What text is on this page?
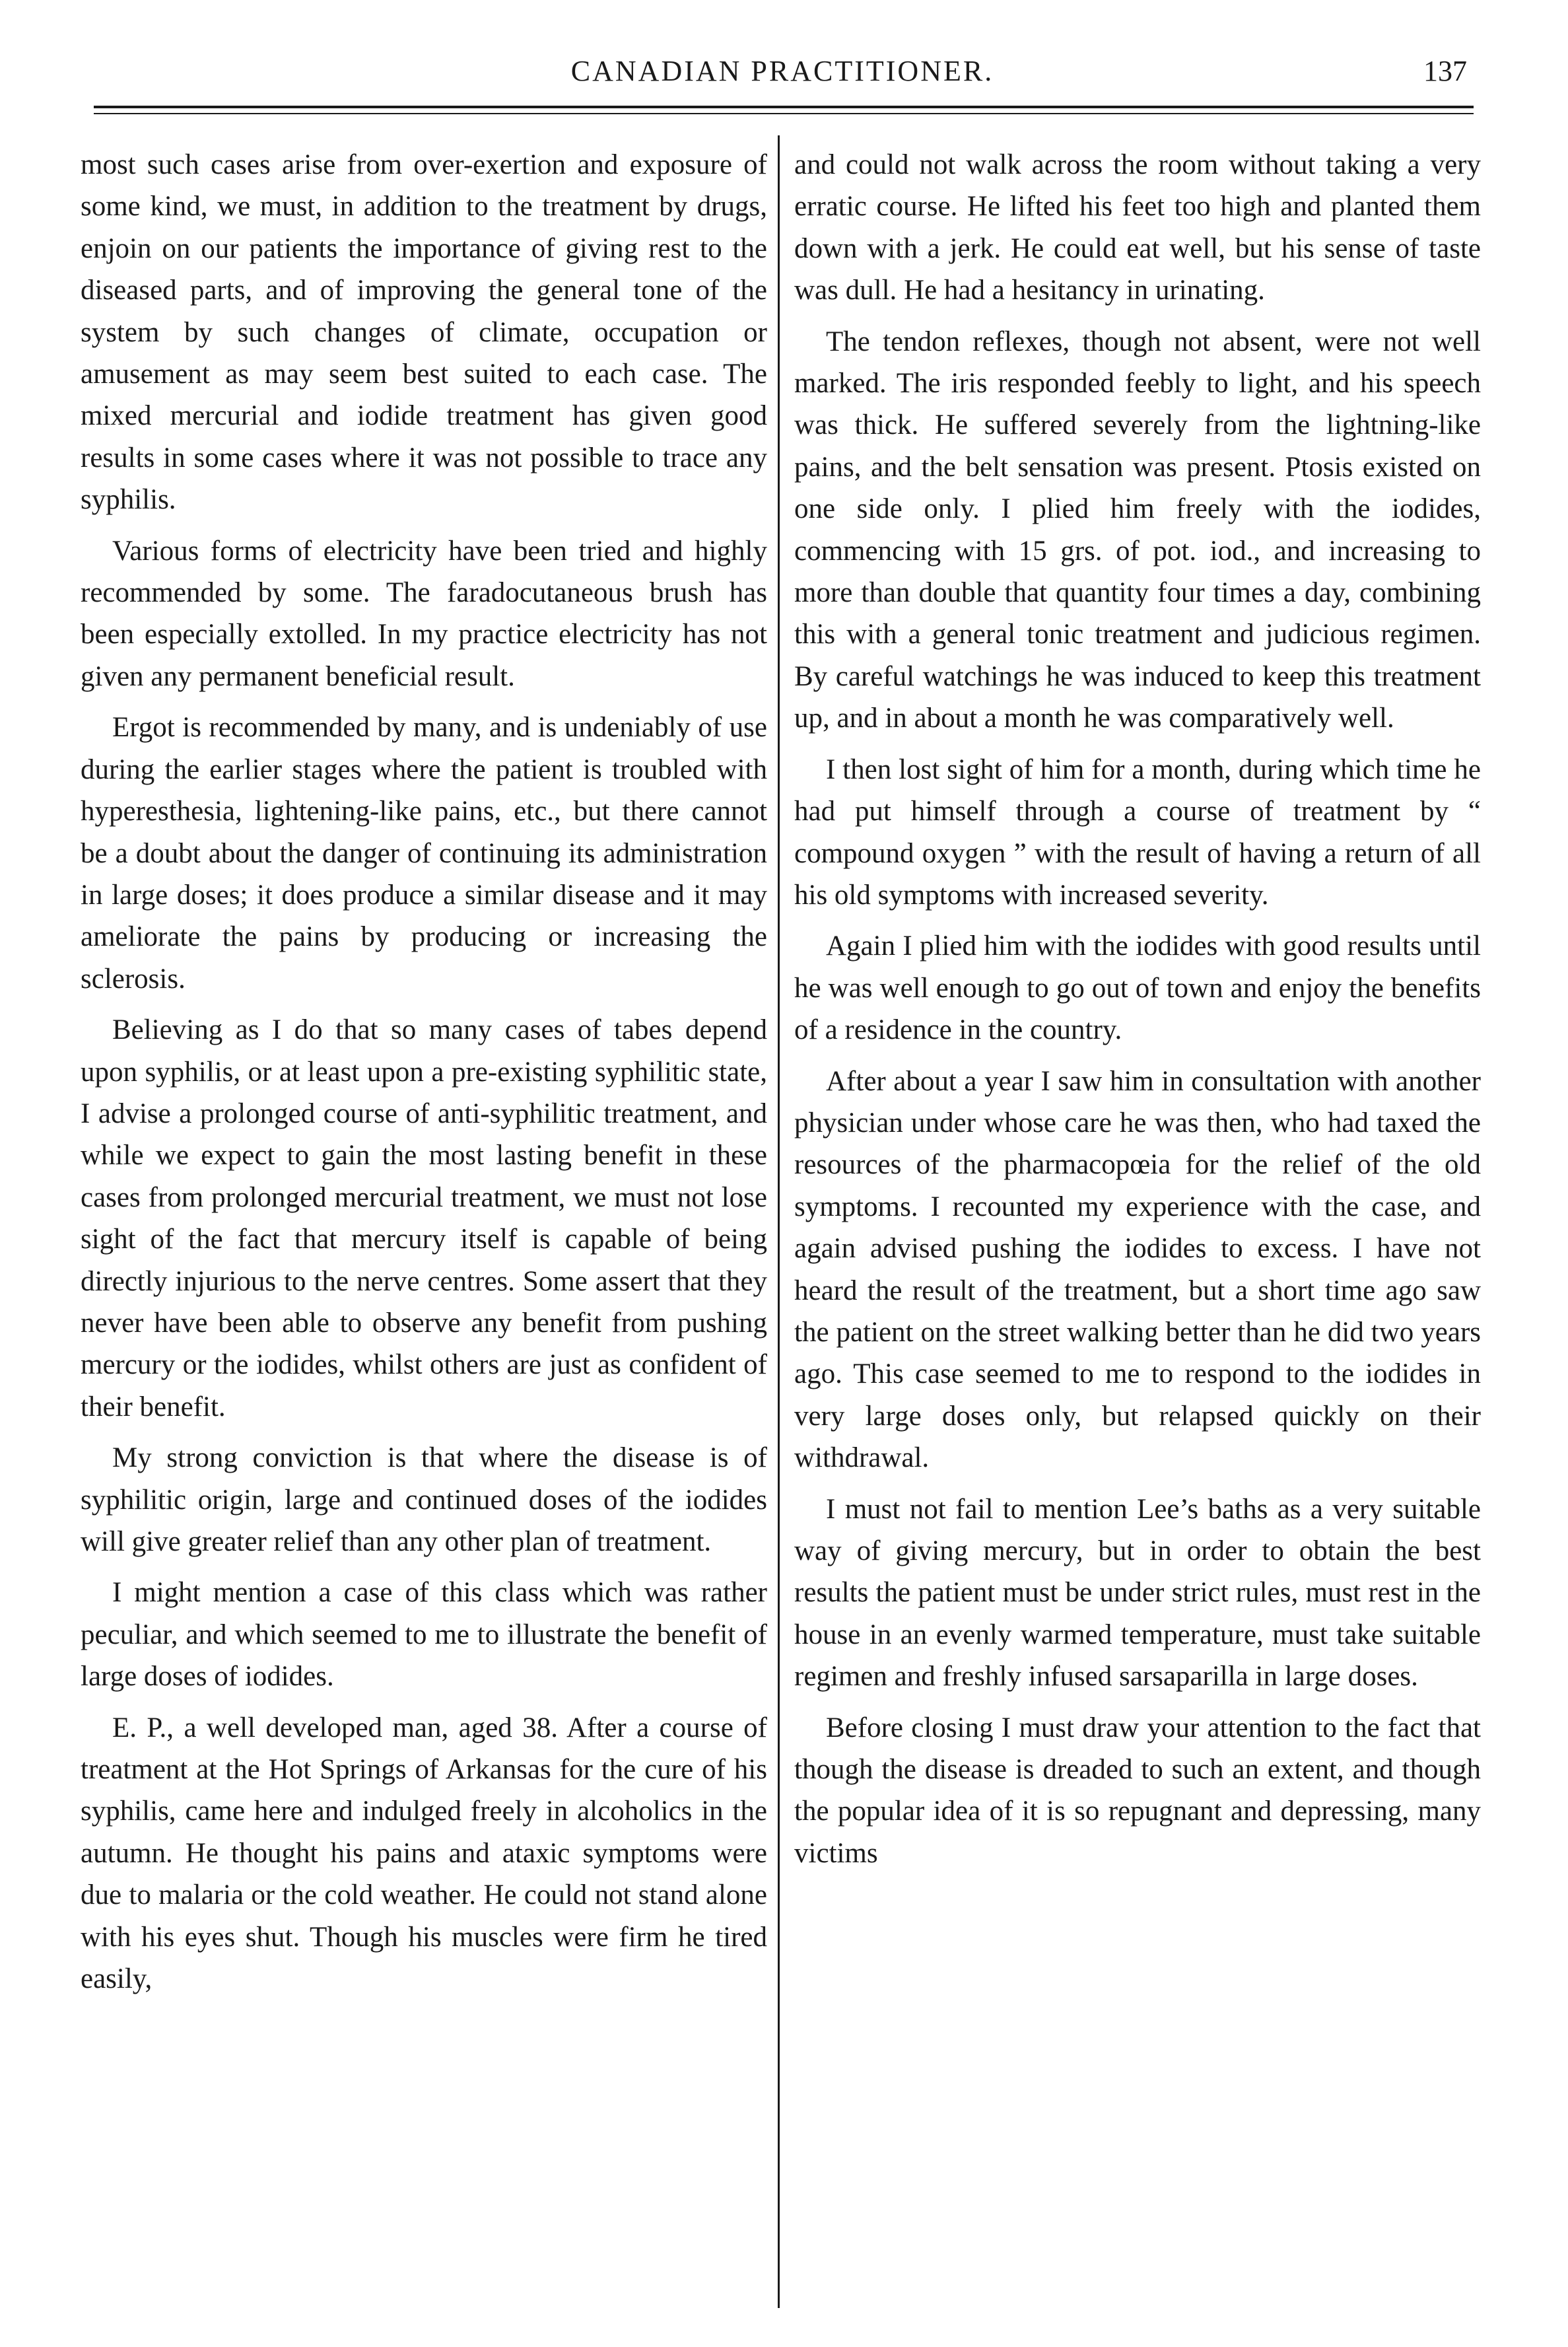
CANADIAN PRACTITIONER.	137

most such cases arise from over-exertion and exposure of some kind, we must, in addition to the treatment by drugs, enjoin on our patients the importance of giving rest to the diseased parts, and of improving the general tone of the system by such changes of climate, occupation or amusement as may seem best suited to each case. The mixed mercurial and iodide treatment has given good results in some cases where it was not possible to trace any syphilis.

Various forms of electricity have been tried and highly recommended by some. The faradocutaneous brush has been especially extolled. In my practice electricity has not given any permanent beneficial result.

Ergot is recommended by many, and is undeniably of use during the earlier stages where the patient is troubled with hyperesthesia, lightening-like pains, etc., but there cannot be a doubt about the danger of continuing its administration in large doses; it does produce a similar disease and it may ameliorate the pains by producing or increasing the sclerosis.

Believing as I do that so many cases of tabes depend upon syphilis, or at least upon a pre-existing syphilitic state, I advise a prolonged course of anti-syphilitic treatment, and while we expect to gain the most lasting benefit in these cases from prolonged mercurial treatment, we must not lose sight of the fact that mercury itself is capable of being directly injurious to the nerve centres. Some assert that they never have been able to observe any benefit from pushing mercury or the iodides, whilst others are just as confident of their benefit.

My strong conviction is that where the disease is of syphilitic origin, large and continued doses of the iodides will give greater relief than any other plan of treatment.

I might mention a case of this class which was rather peculiar, and which seemed to me to illustrate the benefit of large doses of iodides.

E. P., a well developed man, aged 38. After a course of treatment at the Hot Springs of Arkansas for the cure of his syphilis, came here and indulged freely in alcoholics in the autumn. He thought his pains and ataxic symptoms were due to malaria or the cold weather. He could not stand alone with his eyes shut. Though his muscles were firm he tired easily,

and could not walk across the room without taking a very erratic course. He lifted his feet too high and planted them down with a jerk. He could eat well, but his sense of taste was dull. He had a hesitancy in urinating.

The tendon reflexes, though not absent, were not well marked. The iris responded feebly to light, and his speech was thick. He suffered severely from the lightning-like pains, and the belt sensation was present. Ptosis existed on one side only. I plied him freely with the iodides, commencing with 15 grs. of pot. iod., and increasing to more than double that quantity four times a day, combining this with a general tonic treatment and judicious regimen. By careful watchings he was induced to keep this treatment up, and in about a month he was comparatively well.

I then lost sight of him for a month, during which time he had put himself through a course of treatment by “ compound oxygen ” with the result of having a return of all his old symptoms with increased severity.

Again I plied him with the iodides with good results until he was well enough to go out of town and enjoy the benefits of a residence in the country.

After about a year I saw him in consultation with another physician under whose care he was then, who had taxed the resources of the pharmacopœia for the relief of the old symptoms. I recounted my experience with the case, and again advised pushing the iodides to excess. I have not heard the result of the treatment, but a short time ago saw the patient on the street walking better than he did two years ago. This case seemed to me to respond to the iodides in very large doses only, but relapsed quickly on their withdrawal.

I must not fail to mention Lee’s baths as a very suitable way of giving mercury, but in order to obtain the best results the patient must be under strict rules, must rest in the house in an evenly warmed temperature, must take suitable regimen and freshly infused sarsaparilla in large doses.

Before closing I must draw your attention to the fact that though the disease is dreaded to such an extent, and though the popular idea of it is so repugnant and depressing, many victims
